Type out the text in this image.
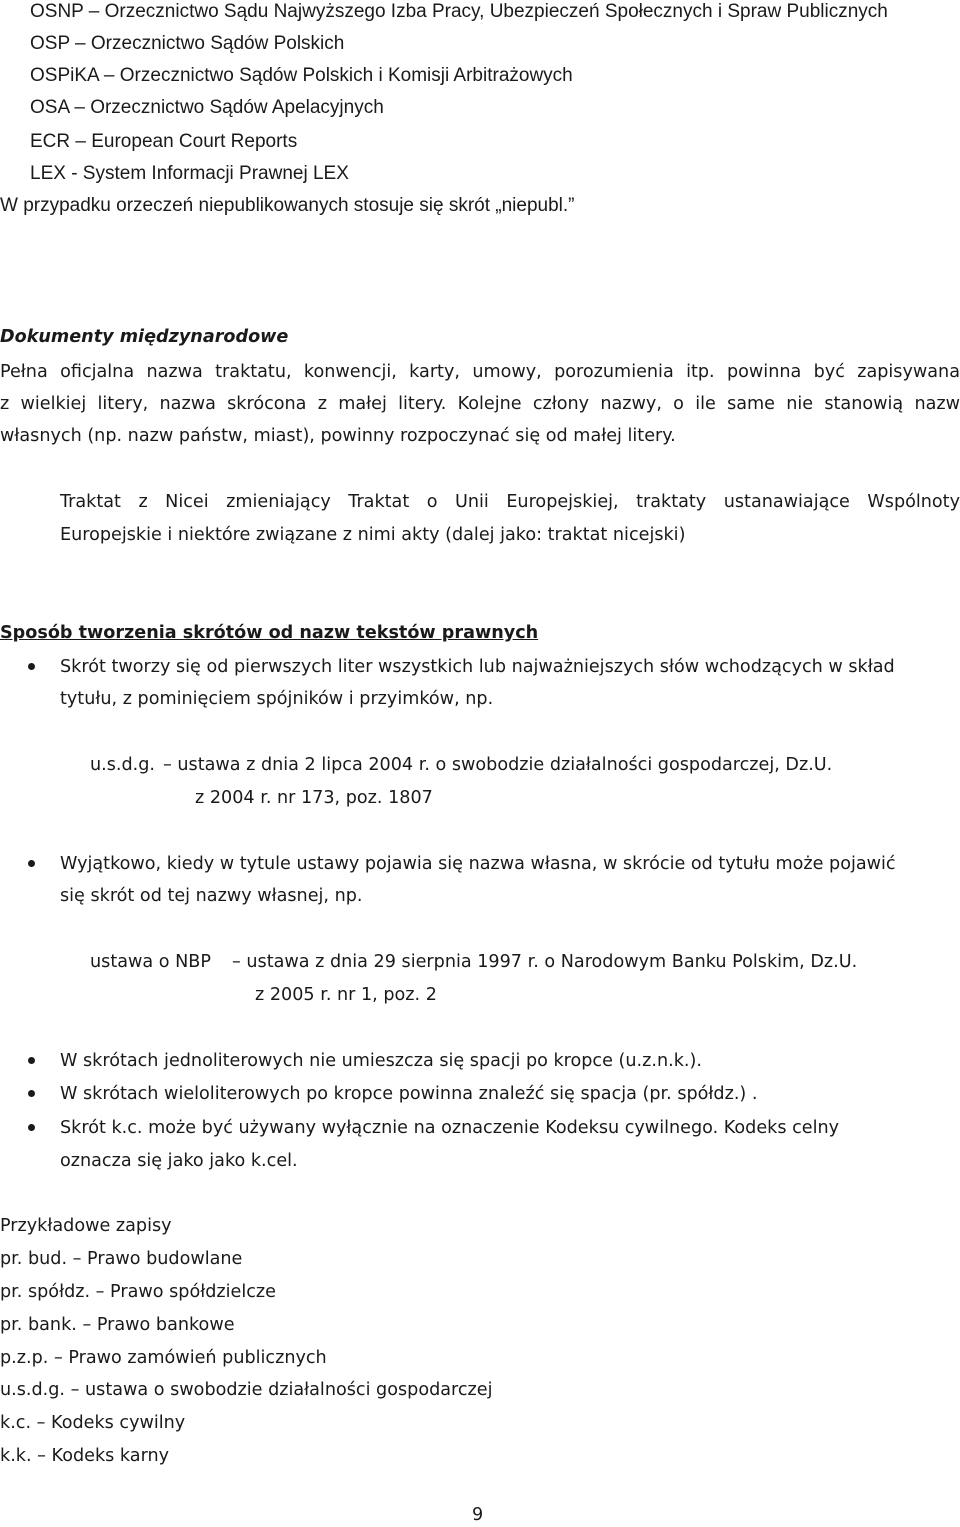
OSNP – Orzecznictwo Sądu Najwyższego Izba Pracy, Ubezpieczeń Społecznych i Spraw Publicznych
OSP – Orzecznictwo Sądów Polskich
OSPiKA – Orzecznictwo Sądów Polskich i Komisji Arbitrażowych
OSA – Orzecznictwo Sądów Apelacyjnych
ECR – European Court Reports
LEX - System Informacji Prawnej LEX
W przypadku orzeczeń niepublikowanych stosuje się skrót „niepubl.”
Dokumenty międzynarodowe
Pełna oficjalna nazwa traktatu, konwencji, karty, umowy, porozumienia itp. powinna być zapisywana
z wielkiej litery, nazwa skrócona z małej litery. Kolejne człony nazwy, o ile same nie stanowią nazw
własnych (np. nazw państw, miast), powinny rozpoczynać się od małej litery.
Traktat z Nicei zmieniający Traktat o Unii Europejskiej, traktaty ustanawiające Wspólnoty
Europejskie i niektóre związane z nimi akty (dalej jako: traktat nicejski)
Sposób tworzenia skrótów od nazw tekstów prawnych
Skrót tworzy się od pierwszych liter wszystkich lub najważniejszych słów wchodzących w skład
tytułu, z pominięciem spójników i przyimków, np.
u.s.d.g. – ustawa z dnia 2 lipca 2004 r. o swobodzie działalności gospodarczej, Dz.U.
z 2004 r. nr 173, poz. 1807
Wyjątkowo, kiedy w tytule ustawy pojawia się nazwa własna, w skrócie od tytułu może pojawić
się skrót od tej nazwy własnej, np.
ustawa o NBP – ustawa z dnia 29 sierpnia 1997 r. o Narodowym Banku Polskim, Dz.U.
z 2005 r. nr 1, poz. 2
W skrótach jednoliterowych nie umieszcza się spacji po kropce (u.z.n.k.).
W skrótach wieloliterowych po kropce powinna znaleźć się spacja (pr. spółdz.) .
Skrót k.c. może być używany wyłącznie na oznaczenie Kodeksu cywilnego. Kodeks celny
oznacza się jako jako k.cel.
Przykładowe zapisy
pr. bud. – Prawo budowlane
pr. spółdz. – Prawo spółdzielcze
pr. bank. – Prawo bankowe
p.z.p. – Prawo zamówień publicznych
u.s.d.g. – ustawa o swobodzie działalności gospodarczej
k.c. – Kodeks cywilny
k.k. – Kodeks karny
9
